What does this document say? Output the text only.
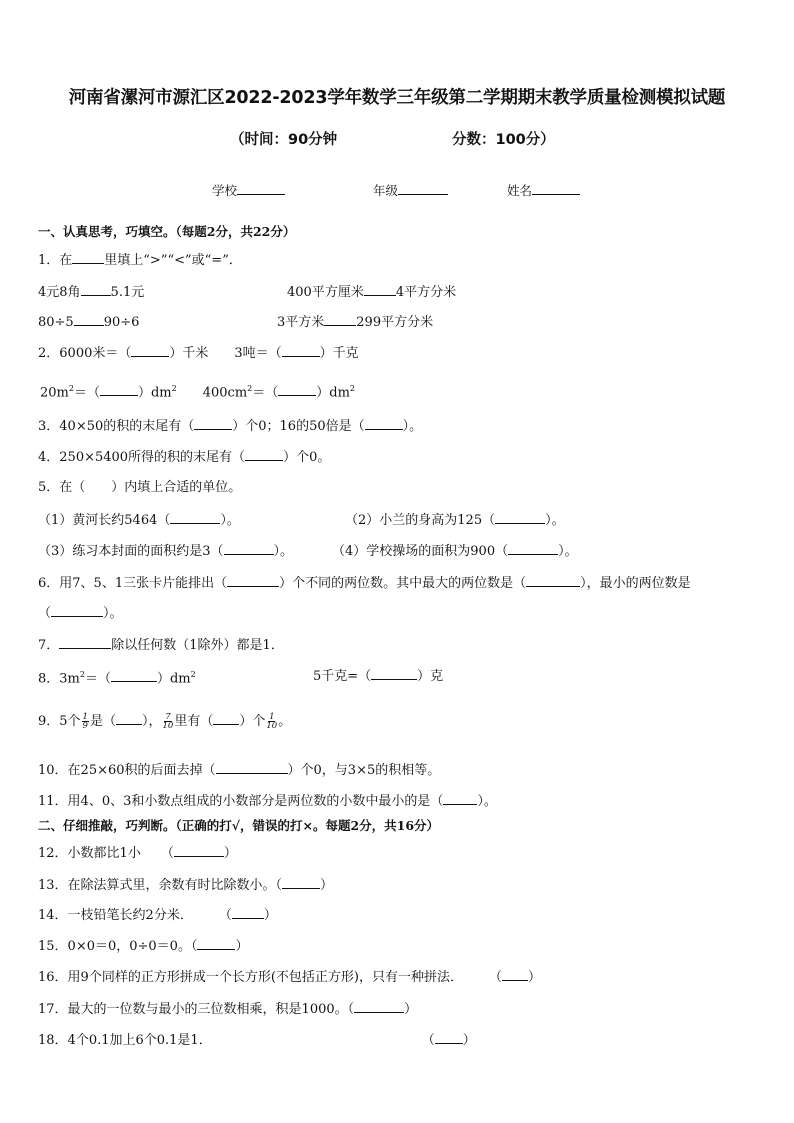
河南省漯河市源汇区2022-2023学年数学三年级第二学期期末教学质量检测模拟试题
（时间：90分钟	分数：100分）
学校	年级	姓名
一、认真思考，巧填空。（每题2分，共22分）
1．在 里填上“>”“<”或“=”．
4元8角 5.1元	400平方厘米 4平方分米
80÷5 90÷6	3平方米 299平方分米
2．6000米＝（	）千米 3吨＝（	）千克
$20m^2=$（	）$dm^2$ $400cm^2=$（	）$dm^2$
3．40×50的积的末尾有（	）个0；16的50倍是（	）。
4．250×5400所得的积的末尾有（	）个0。
5．在（　　）内填上合适的单位。
（1）黄河长约5464（	）。	（2）小兰的身高为125（	）。
（3）练习本封面的面积约是3（	）。	（4）学校操场的面积为900（	）。
6．用7、5、1三张卡片能排出（	）个不同的两位数。其中最大的两位数是（	），最小的两位数是
（	）。
7．	除以任何数（1除外）都是1．
8．$3m^2=$（	）$dm^2$	5千克=（	）克
9．5个 $\frac{1}{9}$ 是（ ）， $\frac{7}{10}$ 里有（ ）个 $\frac{1}{10}$ 。
10．在25×60积的后面去掉（	）个0，与3×5的积相等。
11．用4、0、3和小数点组成的小数部分是两位数的小数中最小的是（	）。
二、仔细推敲，巧判断。（正确的打√，错误的打×。每题2分，共16分）
12．小数都比1小 （	）
13．在除法算式里，余数有时比除数小。（	）
14．一枝铅笔长约2分米． （ ）
15．0×0＝0，0÷0＝0。（	）
16．用9个同样的正方形拼成一个长方形(不包括正方形)，只有一种拼法． （ ）
17．最大的一位数与最小的三位数相乘，积是1000。（	）
18．4个0.1加上6个0.1是1．	（ ）
